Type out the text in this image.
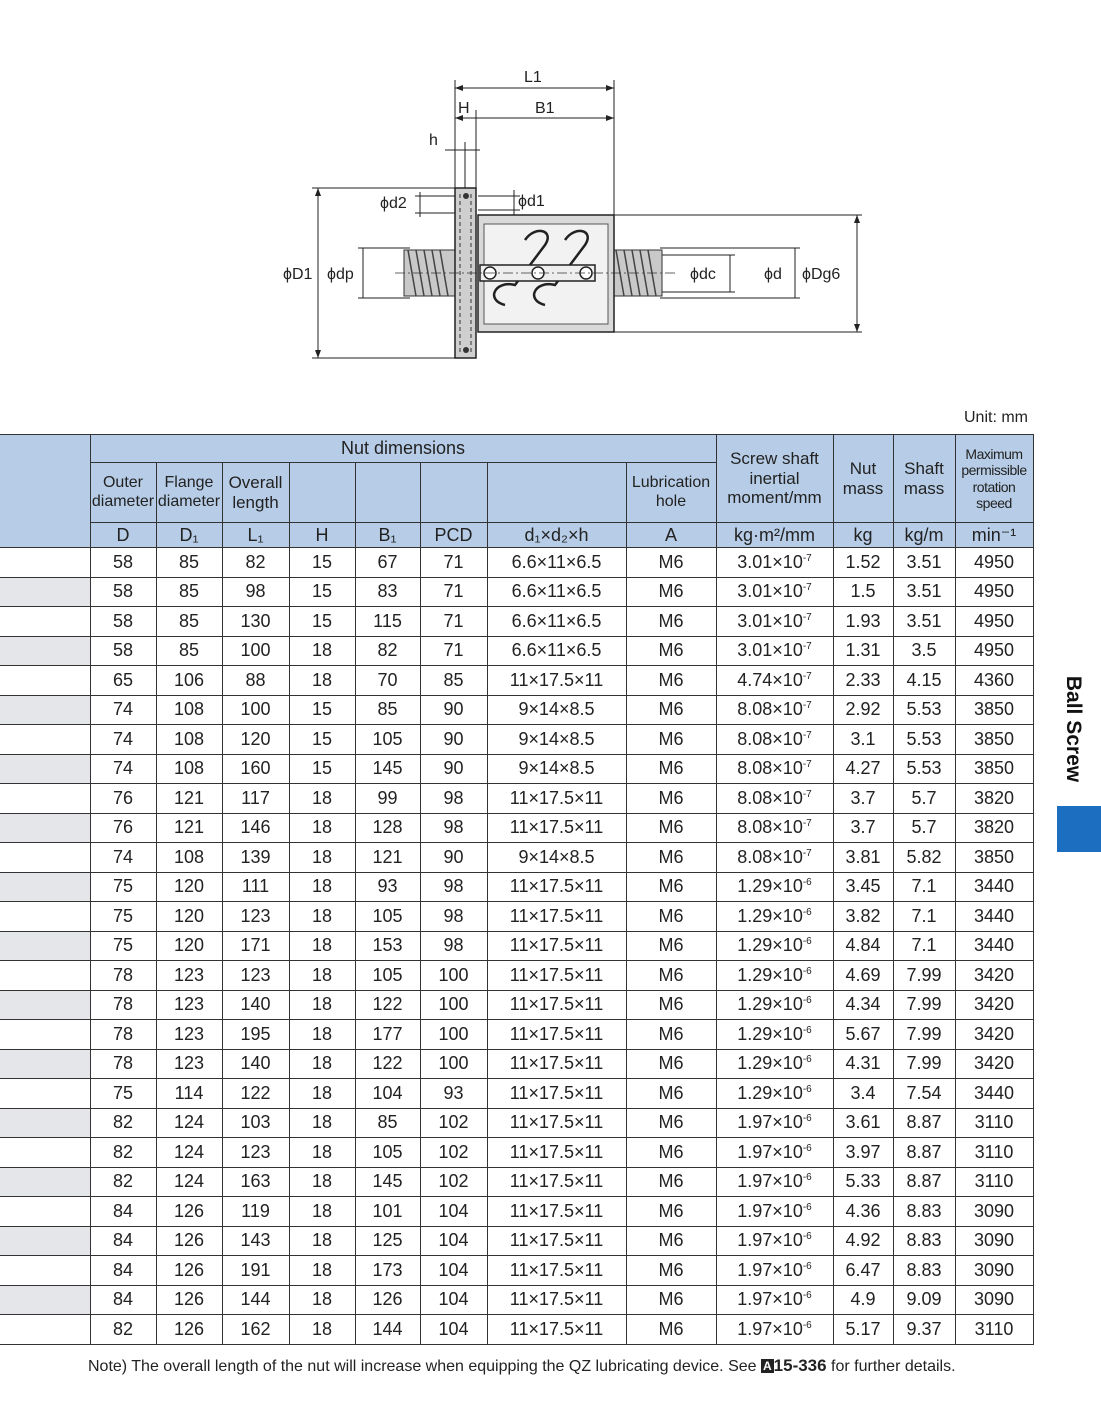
L1
H	B1
h
ϕd2	ϕd1
ϕD1 ϕdp	ϕdc	ϕd ϕDg6
Unit: mm
	Nut dimensions								Screw shaft inertial moment/mm	Nut mass	Shaft mass	Maximum permissible rotation speed
	Outer diameter	Flange diameter	Overall length					Lubrication hole				
	D	D₁	L₁	H	B₁	PCD	d₁×d₂×h	A	kg·m²/mm	kg	kg/m	min⁻¹
	58	85	82	15	67	71	6.6×11×6.5	M6	$3.01\times 10^{-7}$	1.52	3.51	4950
	58	85	98	15	83	71	6.6×11×6.5	M6	$3.01\times 10^{-7}$	1.5	3.51	4950
	58	85	130	15	115	71	6.6×11×6.5	M6	$3.01\times 10^{-7}$	1.93	3.51	4950
	58	85	100	18	82	71	6.6×11×6.5	M6	$3.01\times 10^{-7}$	1.31	3.5	4950
	65	106	88	18	70	85	11×17.5×11	M6	$4.74\times 10^{-7}$	2.33	4.15	4360
	74	108	100	15	85	90	9×14×8.5	M6	$8.08\times 10^{-7}$	2.92	5.53	3850
	74	108	120	15	105	90	9×14×8.5	M6	$8.08\times 10^{-7}$	3.1	5.53	3850
	74	108	160	15	145	90	9×14×8.5	M6	$8.08\times 10^{-7}$	4.27	5.53	3850
	76	121	117	18	99	98	11×17.5×11	M6	$8.08\times 10^{-7}$	3.7	5.7	3820
	76	121	146	18	128	98	11×17.5×11	M6	$8.08\times 10^{-7}$	3.7	5.7	3820
	74	108	139	18	121	90	9×14×8.5	M6	$8.08\times 10^{-7}$	3.81	5.82	3850
	75	120	111	18	93	98	11×17.5×11	M6	$1.29\times 10^{-6}$	3.45	7.1	3440
	75	120	123	18	105	98	11×17.5×11	M6	$1.29\times 10^{-6}$	3.82	7.1	3440
	75	120	171	18	153	98	11×17.5×11	M6	$1.29\times 10^{-6}$	4.84	7.1	3440
	78	123	123	18	105	100	11×17.5×11	M6	$1.29\times 10^{-6}$	4.69	7.99	3420
	78	123	140	18	122	100	11×17.5×11	M6	$1.29\times 10^{-6}$	4.34	7.99	3420
	78	123	195	18	177	100	11×17.5×11	M6	$1.29\times 10^{-6}$	5.67	7.99	3420
	78	123	140	18	122	100	11×17.5×11	M6	$1.29\times 10^{-6}$	4.31	7.99	3420
	75	114	122	18	104	93	11×17.5×11	M6	$1.29\times 10^{-6}$	3.4	7.54	3440
	82	124	103	18	85	102	11×17.5×11	M6	$1.97\times 10^{-6}$	3.61	8.87	3110
	82	124	123	18	105	102	11×17.5×11	M6	$1.97\times 10^{-6}$	3.97	8.87	3110
	82	124	163	18	145	102	11×17.5×11	M6	$1.97\times 10^{-6}$	5.33	8.87	3110
	84	126	119	18	101	104	11×17.5×11	M6	$1.97\times 10^{-6}$	4.36	8.83	3090
	84	126	143	18	125	104	11×17.5×11	M6	$1.97\times 10^{-6}$	4.92	8.83	3090
	84	126	191	18	173	104	11×17.5×11	M6	$1.97\times 10^{-6}$	6.47	8.83	3090
	84	126	144	18	126	104	11×17.5×11	M6	$1.97\times 10^{-6}$	4.9	9.09	3090
	82	126	162	18	144	104	11×17.5×11	M6	$1.97\times 10^{-6}$	5.17	9.37	3110
Note) The overall length of the nut will increase when equipping the QZ lubricating device. See A 15-336 for further details.
Ball Screw
